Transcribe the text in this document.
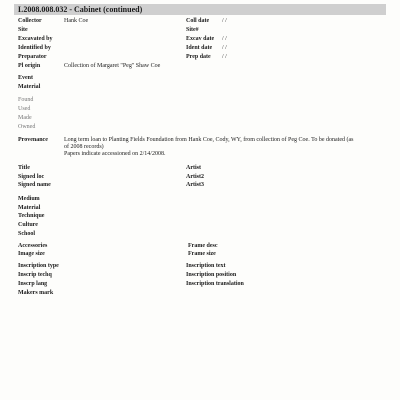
L2008.008.032 - Cabinet (continued)
Collector	Hank Coe	Coll date / /
Site	Site#
Excavated by	Excav date / /
Identified by	Ident date / /
Preparator	Prep date / /
Pl origin	Collection of Margaret "Peg" Shaw Coe
Event
Material
Found
Used
Made
Owned
Provenance	Long term loan to Planting Fields Foundation from Hank Coe, Cody, WY, from collection of Peg Coe. To be donated (as
of 2008 records)
Papers indicate accessioned on 2/14/2008.
Title	Artist
Signed loc	Artist2
Signed name	Artist3
Medium
Material
Technique
Culture
School
Accessories	Frame desc
Image size	Frame size
Inscription type	Inscription text
Inscrip techq	Inscription position
Inscrp lang	Inscription translation
Makers mark
